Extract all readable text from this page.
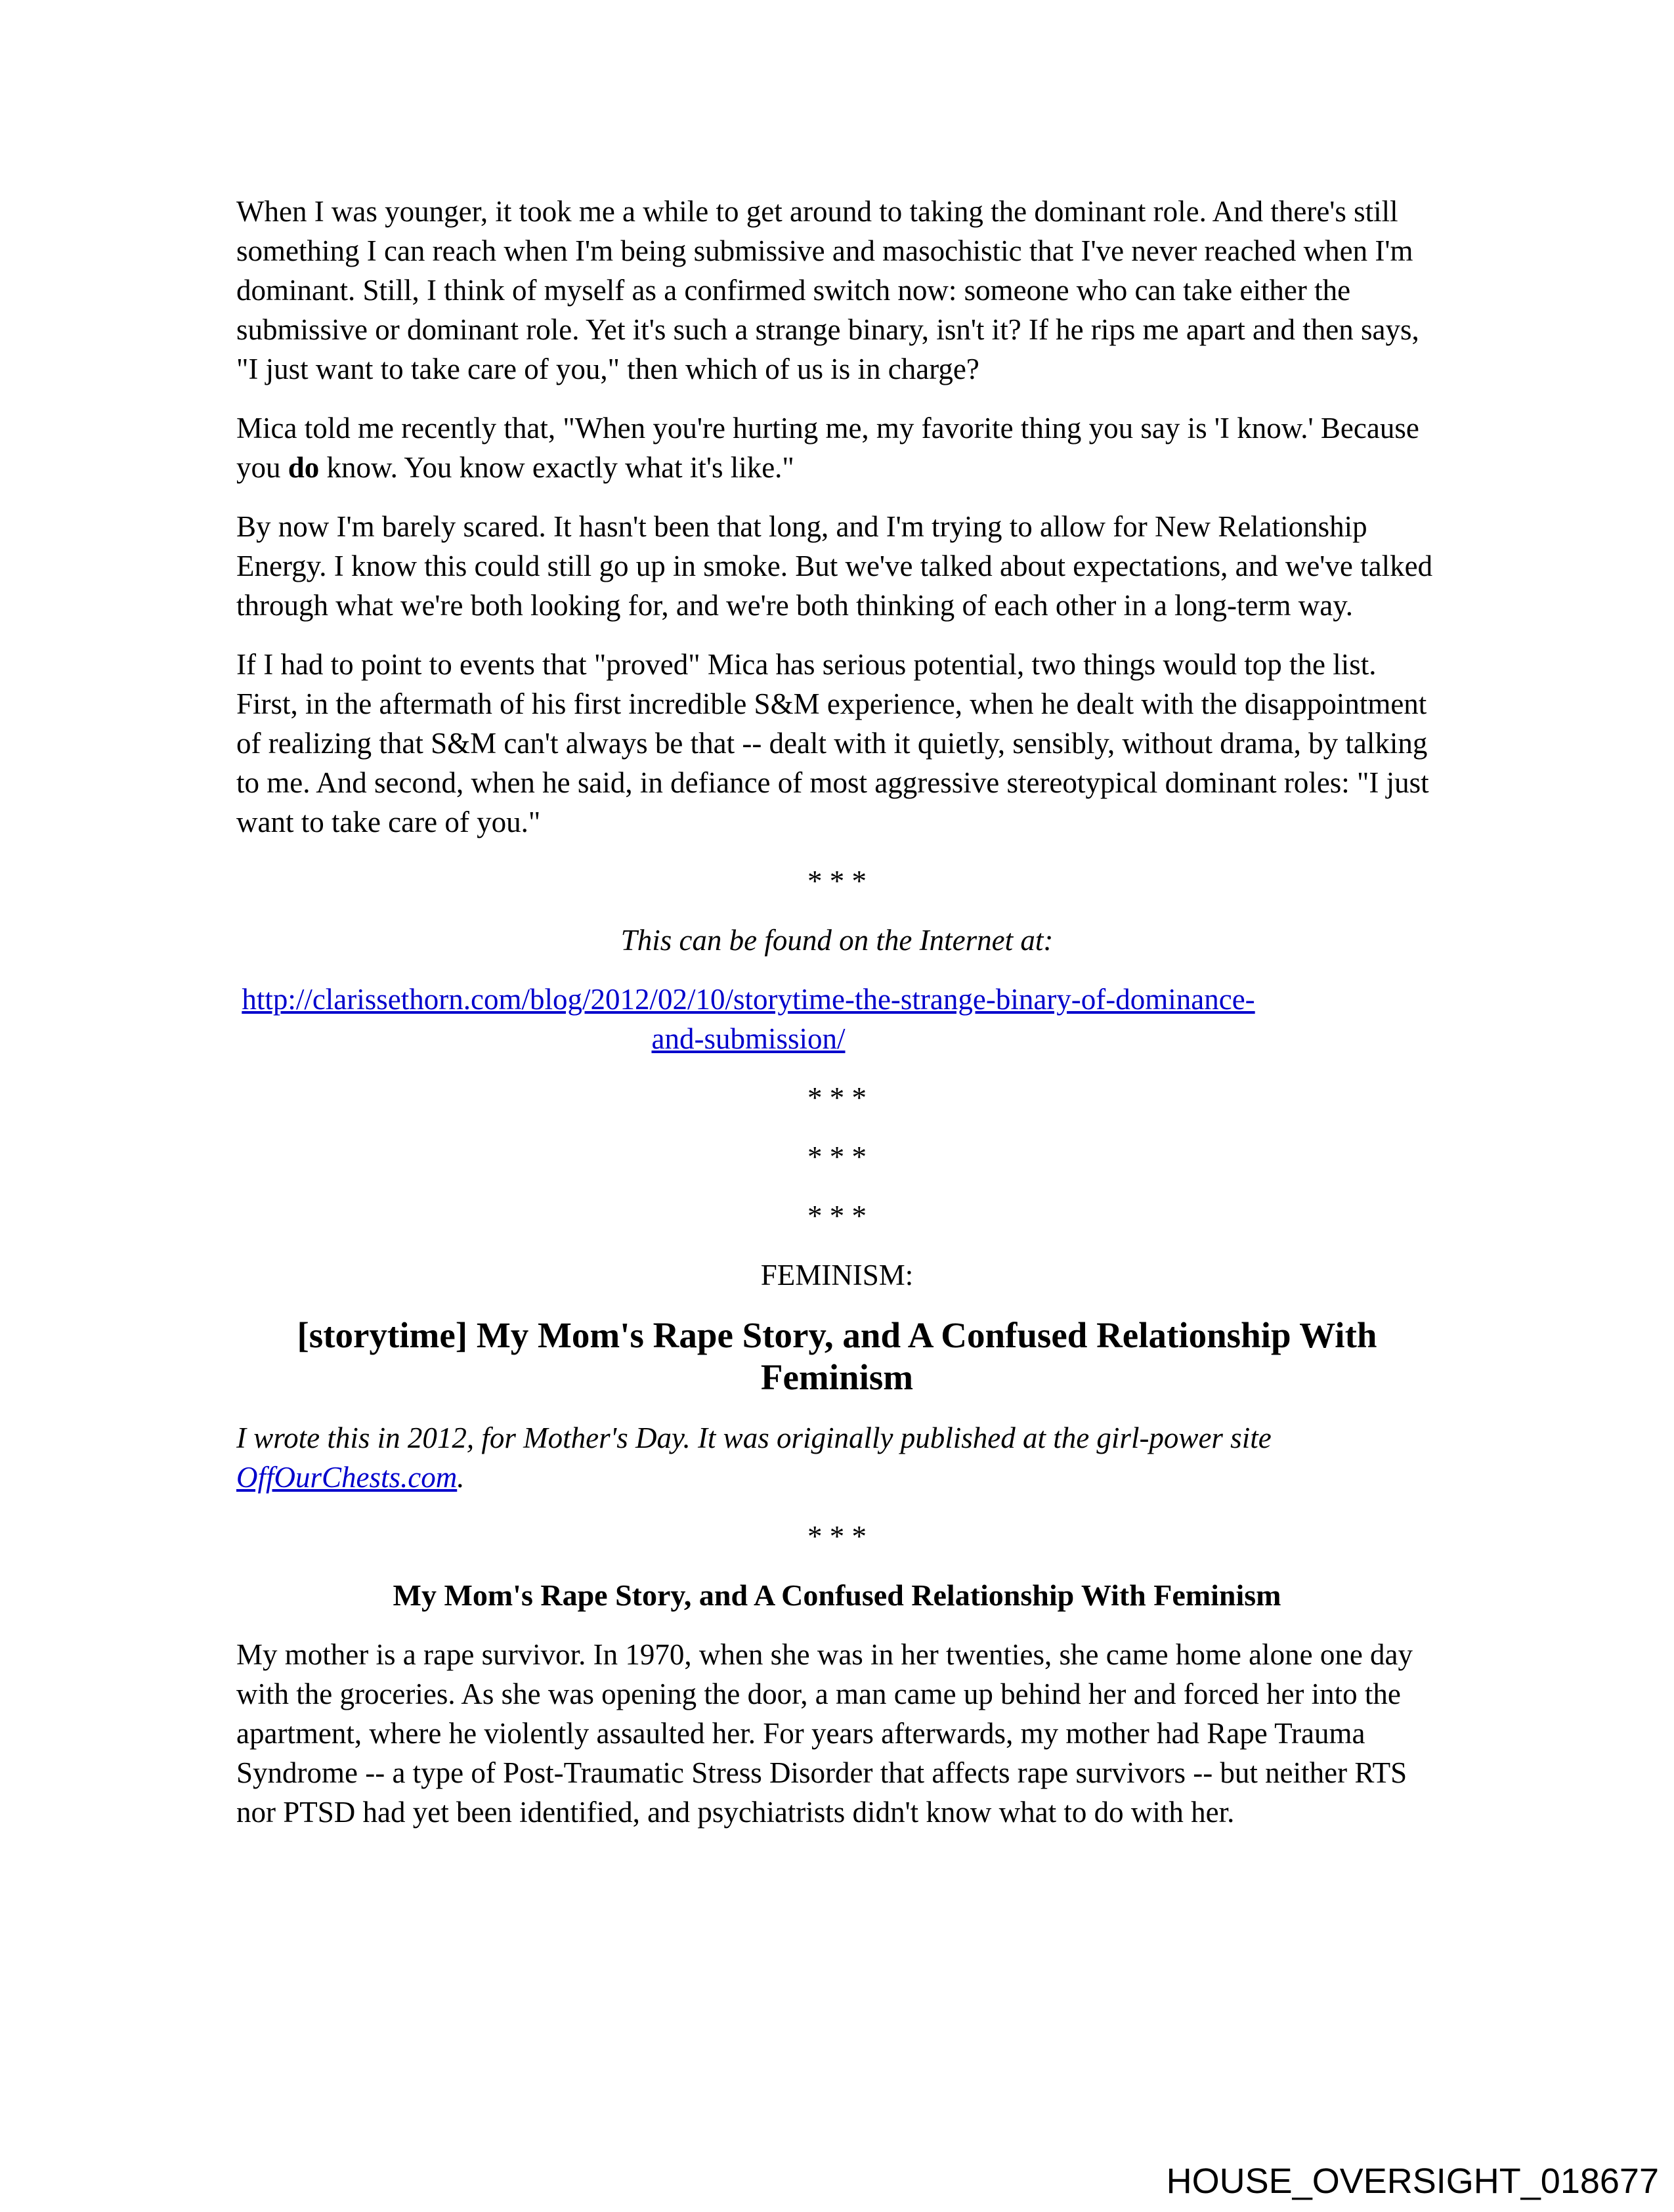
When I was younger, it took me a while to get around to taking the dominant role. And there's still something I can reach when I'm being submissive and masochistic that I've never reached when I'm dominant. Still, I think of myself as a confirmed switch now: someone who can take either the submissive or dominant role. Yet it's such a strange binary, isn't it? If he rips me apart and then says, "I just want to take care of you," then which of us is in charge?

Mica told me recently that, "When you're hurting me, my favorite thing you say is 'I know.' Because you do know. You know exactly what it's like."

By now I'm barely scared. It hasn't been that long, and I'm trying to allow for New Relationship Energy. I know this could still go up in smoke. But we've talked about expectations, and we've talked through what we're both looking for, and we're both thinking of each other in a long-term way.

If I had to point to events that "proved" Mica has serious potential, two things would top the list. First, in the aftermath of his first incredible S&M experience, when he dealt with the disappointment of realizing that S&M can't always be that -- dealt with it quietly, sensibly, without drama, by talking to me. And second, when he said, in defiance of most aggressive stereotypical dominant roles: "I just want to take care of you."

* * *

This can be found on the Internet at:

http://clarissethorn.com/blog/2012/02/10/storytime-the-strange-binary-of-dominance-and-submission/
* * *
* * *
* * *

FEMINISM:

[storytime] My Mom's Rape Story, and A Confused Relationship With Feminism

I wrote this in 2012, for Mother's Day. It was originally published at the girl-power site OffOurChests.com.

* * *
My Mom's Rape Story, and A Confused Relationship With Feminism

My mother is a rape survivor. In 1970, when she was in her twenties, she came home alone one day with the groceries. As she was opening the door, a man came up behind her and forced her into the apartment, where he violently assaulted her. For years afterwards, my mother had Rape Trauma Syndrome -- a type of Post-Traumatic Stress Disorder that affects rape survivors -- but neither RTS nor PTSD had yet been identified, and psychiatrists didn't know what to do with her.

HOUSE_OVERSIGHT_018677
